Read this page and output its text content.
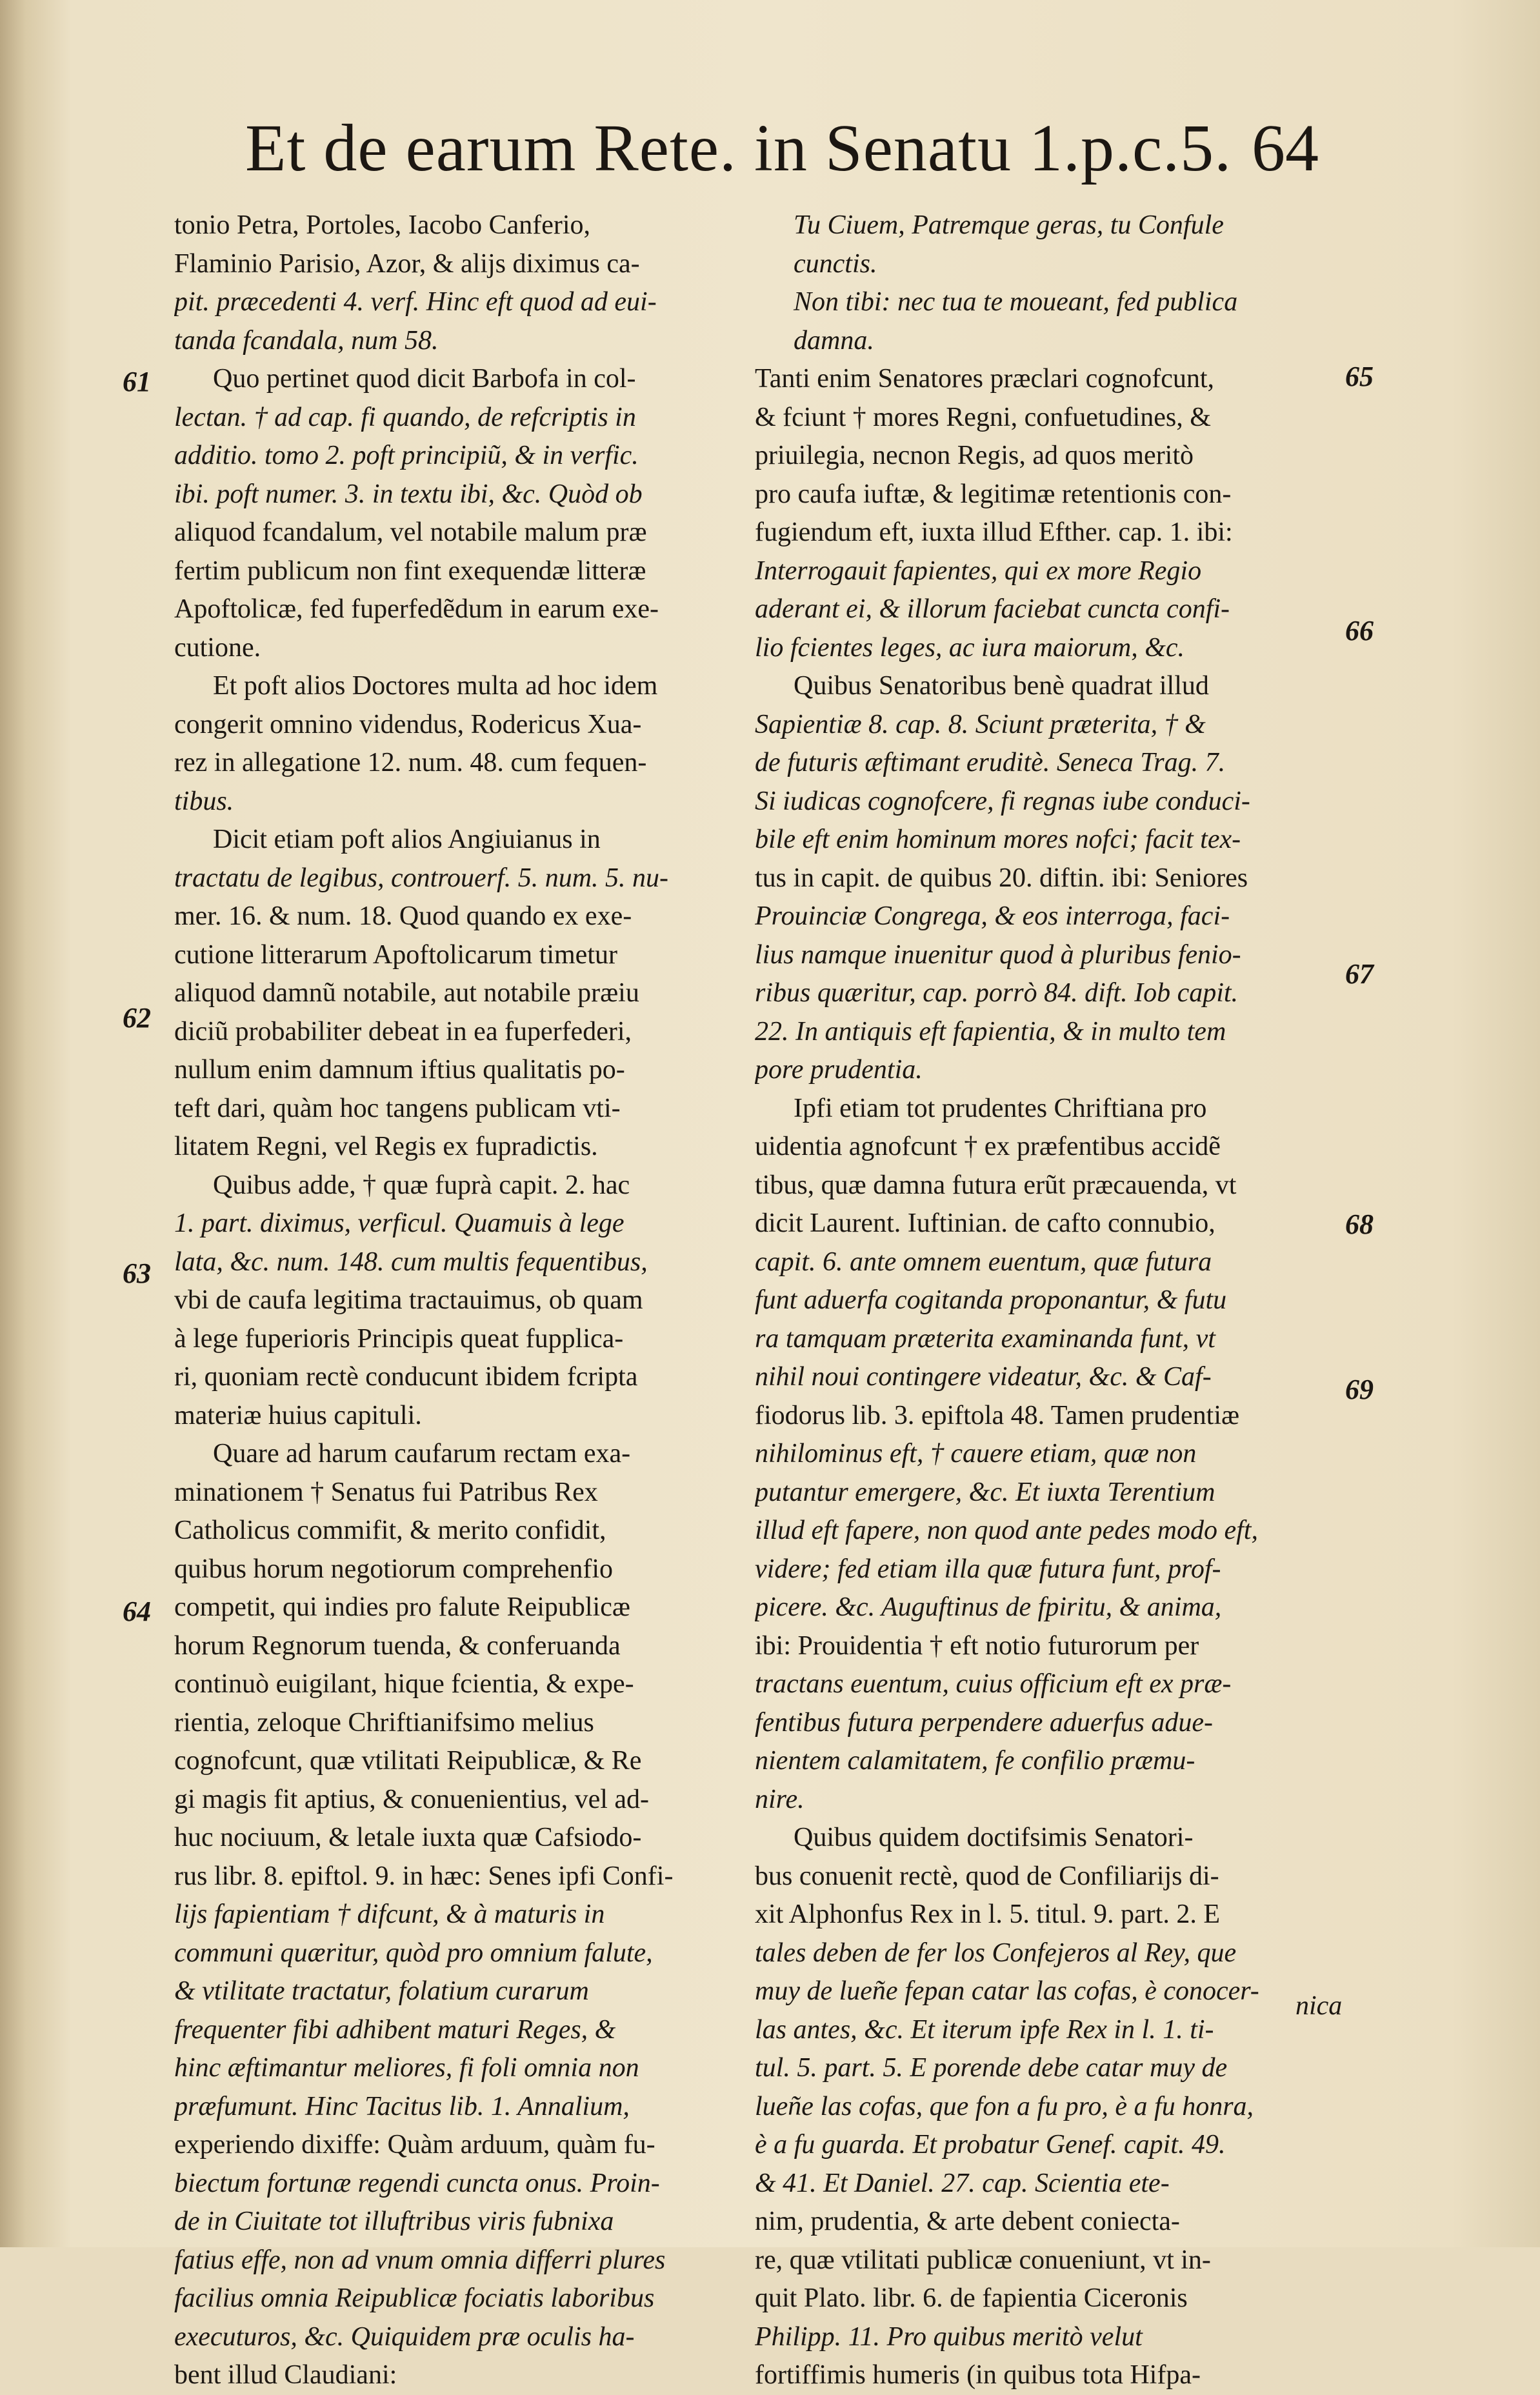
Et de earum Rete. in Senatu 1.p.c.5. 64
tonio Petra, Portoles, Iacobo Canferio,
Flaminio Parisio, Azor, & alijs diximus ca-
pit. præcedenti 4. verf. Hinc eft quod ad eui-
tanda fcandala, num 58.
Quo pertinet quod dicit Barbofa in col-
lectan. † ad cap. fi quando, de refcriptis in
additio. tomo 2. poft principiũ, & in verfic.
ibi. poft numer. 3. in textu ibi, &c. Quòd ob
aliquod fcandalum, vel notabile malum præ
fertim publicum non fint exequendæ litteræ
Apoftolicæ, fed fuperfedẽdum in earum exe-
cutione.
Et poft alios Doctores multa ad hoc idem
congerit omnino videndus, Rodericus Xua-
rez in allegatione 12. num. 48. cum fequen-
tibus.
Dicit etiam poft alios Angiuianus in
tractatu de legibus, controuerf. 5. num. 5. nu-
mer. 16. & num. 18. Quod quando ex exe-
cutione litterarum Apoftolicarum timetur
aliquod damnũ notabile, aut notabile præiu
diciũ probabiliter debeat in ea fuperfederi,
nullum enim damnum iftius qualitatis po-
teft dari, quàm hoc tangens publicam vti-
litatem Regni, vel Regis ex fupradictis.
Quibus adde, † quæ fuprà capit. 2. hac
1. part. diximus, verficul. Quamuis à lege
lata, &c. num. 148. cum multis fequentibus,
vbi de caufa legitima tractauimus, ob quam
à lege fuperioris Principis queat fupplica-
ri, quoniam rectè conducunt ibidem fcripta
materiæ huius capituli.
Quare ad harum caufarum rectam exa-
minationem † Senatus fui Patribus Rex
Catholicus commifit, & merito confidit,
quibus horum negotiorum comprehenfio
competit, qui indies pro falute Reipublicæ
horum Regnorum tuenda, & conferuanda
continuò euigilant, hique fcientia, & expe-
rientia, zeloque Chriftianifsimo melius
cognofcunt, quæ vtilitati Reipublicæ, & Re
gi magis fit aptius, & conuenientius, vel ad-
huc nociuum, & letale iuxta quæ Cafsiodo-
rus libr. 8. epiftol. 9. in hæc: Senes ipfi Confi-
lijs fapientiam † difcunt, & à maturis in
communi quæritur, quòd pro omnium falute,
& vtilitate tractatur, folatium curarum
frequenter fibi adhibent maturi Reges, &
hinc æftimantur meliores, fi foli omnia non
præfumunt. Hinc Tacitus lib. 1. Annalium,
experiendo dixiffe: Quàm arduum, quàm fu-
biectum fortunæ regendi cuncta onus. Proin-
de in Ciuitate tot illuftribus viris fubnixa
fatius effe, non ad vnum omnia differri plures
facilius omnia Reipublicæ fociatis laboribus
executuros, &c. Quiquidem præ oculis ha-
bent illud Claudiani:
Tu Ciuem, Patremque geras, tu Confule
cunctis.
Non tibi: nec tua te moueant, fed publica
damna.
Tanti enim Senatores præclari cognofcunt,
& fciunt † mores Regni, confuetudines, &
priuilegia, necnon Regis, ad quos meritò
pro caufa iuftæ, & legitimæ retentionis con-
fugiendum eft, iuxta illud Efther. cap. 1. ibi:
Interrogauit fapientes, qui ex more Regio
aderant ei, & illorum faciebat cuncta confi-
lio fcientes leges, ac iura maiorum, &c.
Quibus Senatoribus benè quadrat illud
Sapientiæ 8. cap. 8. Sciunt præterita, † &
de futuris æftimant eruditè. Seneca Trag. 7.
Si iudicas cognofcere, fi regnas iube conduci-
bile eft enim hominum mores nofci; facit tex-
tus in capit. de quibus 20. diftin. ibi: Seniores
Prouinciæ Congrega, & eos interroga, faci-
lius namque inuenitur quod à pluribus fenio-
ribus quæritur, cap. porrò 84. dift. Iob capit.
22. In antiquis eft fapientia, & in multo tem
pore prudentia.
Ipfi etiam tot prudentes Chriftiana pro
uidentia agnofcunt † ex præfentibus accidẽ
tibus, quæ damna futura erũt præcauenda, vt
dicit Laurent. Iuftinian. de cafto connubio,
capit. 6. ante omnem euentum, quæ futura
funt aduerfa cogitanda proponantur, & futu
ra tamquam præterita examinanda funt, vt
nihil noui contingere videatur, &c. & Caf-
fiodorus lib. 3. epiftola 48. Tamen prudentiæ
nihilominus eft, † cauere etiam, quæ non
putantur emergere, &c. Et iuxta Terentium
illud eft fapere, non quod ante pedes modo eft,
videre; fed etiam illa quæ futura funt, prof-
picere. &c. Auguftinus de fpiritu, & anima,
ibi: Prouidentia † eft notio futurorum per
tractans euentum, cuius officium eft ex præ-
fentibus futura perpendere aduerfus adue-
nientem calamitatem, fe confilio præmu-
nire.
Quibus quidem doctifsimis Senatori-
bus conuenit rectè, quod de Confiliarijs di-
xit Alphonfus Rex in l. 5. titul. 9. part. 2. E
tales deben de fer los Confejeros al Rey, que
muy de lueñe fepan catar las cofas, è conocer-
las antes, &c. Et iterum ipfe Rex in l. 1. ti-
tul. 5. part. 5. E porende debe catar muy de
lueñe las cofas, que fon a fu pro, è a fu honra,
è a fu guarda. Et probatur Genef. capit. 49.
& 41. Et Daniel. 27. cap. Scientia ete-
nim, prudentia, & arte debent coniecta-
re, quæ vtilitati publicæ conueniunt, vt in-
quit Plato. libr. 6. de fapientia Ciceronis
Philipp. 11. Pro quibus meritò velut
fortiffimis humeris (in quibus tota Hifpa-
61
62
63
64
65
66
67
68
69
nica
